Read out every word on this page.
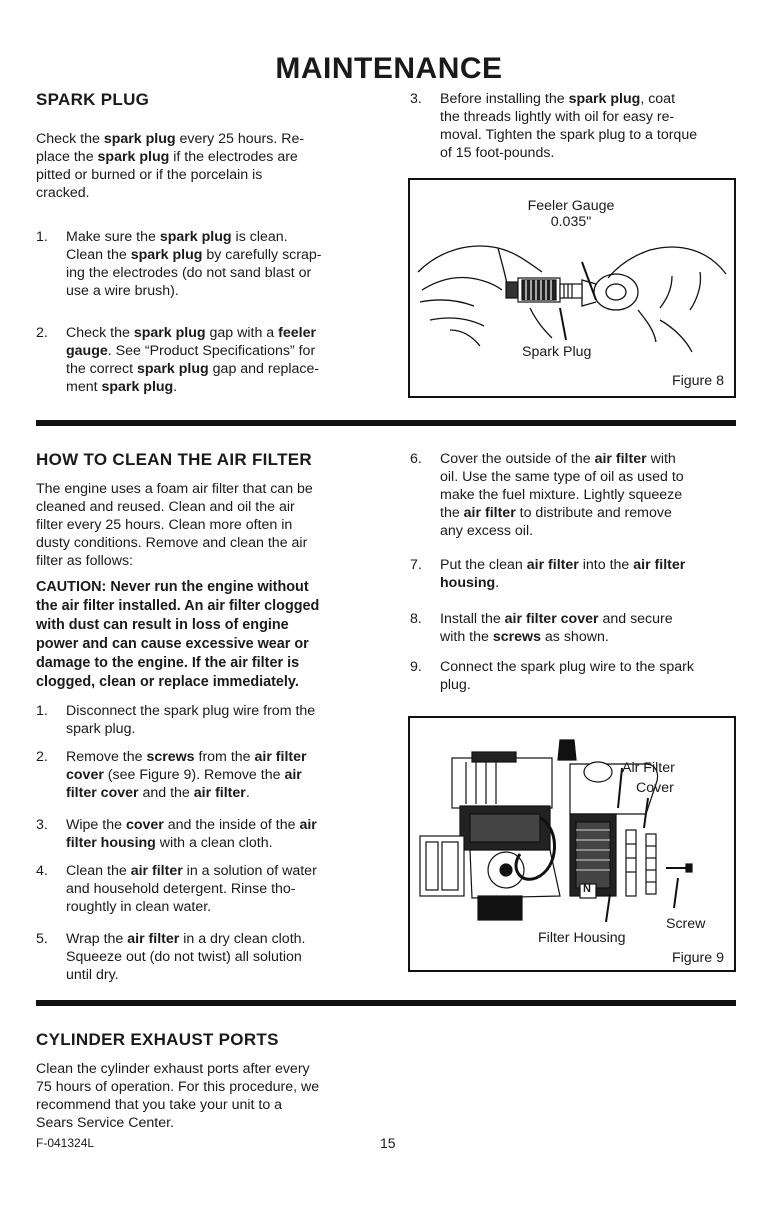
MAINTENANCE
SPARK PLUG
Check the spark plug every 25 hours. Re-
place the spark plug if the electrodes are
pitted or burned or if the porcelain is
cracked.
1. Make sure the spark plug is clean.
Clean the spark plug by carefully scrap-
ing the electrodes (do not sand blast or
use a wire brush).
2. Check the spark plug gap with a feeler
gauge. See “Product Specifications” for
the correct spark plug gap and replace-
ment spark plug.
3. Before installing the spark plug, coat
the threads lightly with oil for easy re-
moval. Tighten the spark plug to a torque
of 15 foot-pounds.
Feeler Gauge
0.035"
Spark Plug
Figure 8
HOW TO CLEAN THE AIR FILTER
The engine uses a foam air filter that can be
cleaned and reused. Clean and oil the air
filter every 25 hours. Clean more often in
dusty conditions. Remove and clean the air
filter as follows:
CAUTION: Never run the engine without
the air filter installed. An air filter clogged
with dust can result in loss of engine
power and can cause excessive wear or
damage to the engine. If the air filter is
clogged, clean or replace immediately.
1. Disconnect the spark plug wire from the
spark plug.
2. Remove the screws from the air filter
cover (see Figure 9). Remove the air
filter cover and the air filter.
3. Wipe the cover and the inside of the air
filter housing with a clean cloth.
4. Clean the air filter in a solution of water
and household detergent. Rinse tho-
roughtly in clean water.
5. Wrap the air filter in a dry clean cloth.
Squeeze out (do not twist) all solution
until dry.
6. Cover the outside of the air filter with
oil. Use the same type of oil as used to
make the fuel mixture. Lightly squeeze
the air filter to distribute and remove
any excess oil.
7. Put the clean air filter into the air filter
housing.
8. Install the air filter cover and secure
with the screws as shown.
9. Connect the spark plug wire to the spark
plug.
Air Filter
Cover
Screw
Filter Housing
N
Figure 9
CYLINDER EXHAUST PORTS
Clean the cylinder exhaust ports after every
75 hours of operation. For this procedure, we
recommend that you take your unit to a
Sears Service Center.
F-041324L	15
